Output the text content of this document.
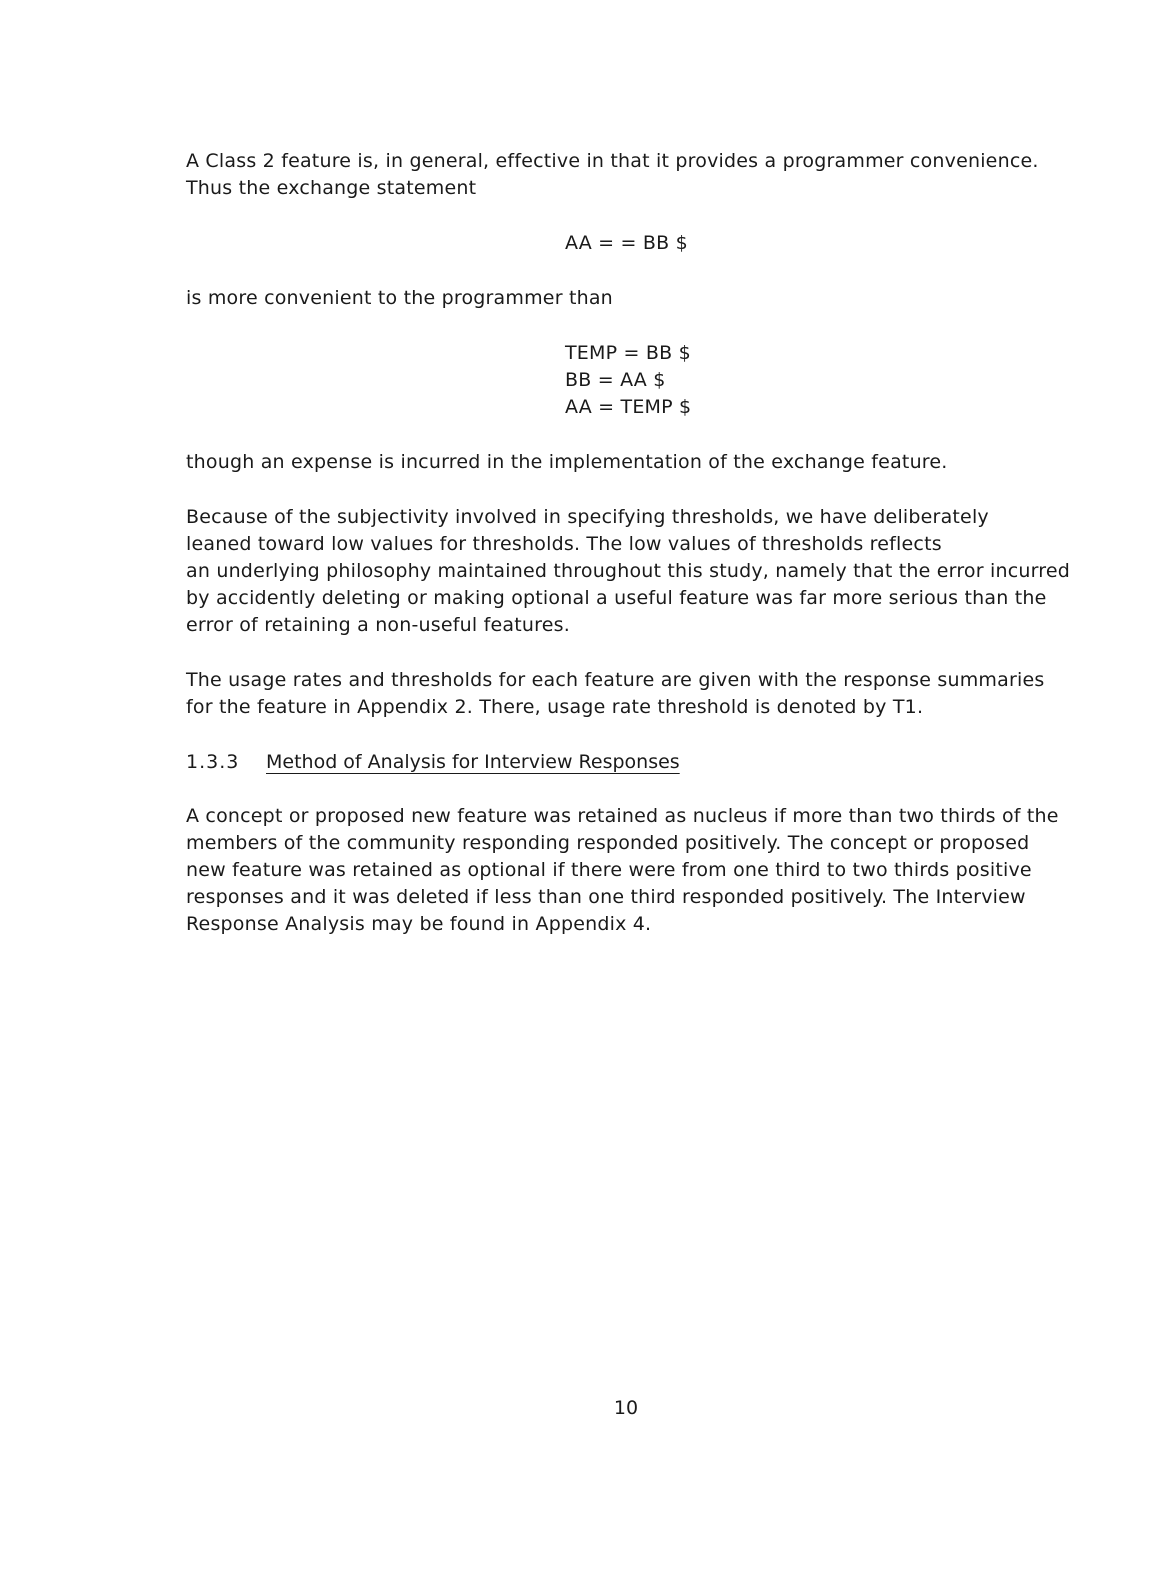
A Class 2 feature is, in general, effective in that it provides a programmer convenience.
Thus the exchange statement
AA = = BB $
is more convenient to the programmer than
TEMP = BB $
BB = AA $
AA = TEMP $
though an expense is incurred in the implementation of the exchange feature.
Because of the subjectivity involved in specifying thresholds, we have deliberately
leaned toward low values for thresholds. The low values of thresholds reflects
an underlying philosophy maintained throughout this study, namely that the error incurred
by accidently deleting or making optional a useful feature was far more serious than the
error of retaining a non-useful features.
The usage rates and thresholds for each feature are given with the response summaries
for the feature in Appendix 2. There, usage rate threshold is denoted by T1.
1.3.3 Method of Analysis for Interview Responses
A concept or proposed new feature was retained as nucleus if more than two thirds of the
members of the community responding responded positively. The concept or proposed
new feature was retained as optional if there were from one third to two thirds positive
responses and it was deleted if less than one third responded positively. The Interview
Response Analysis may be found in Appendix 4.
10
